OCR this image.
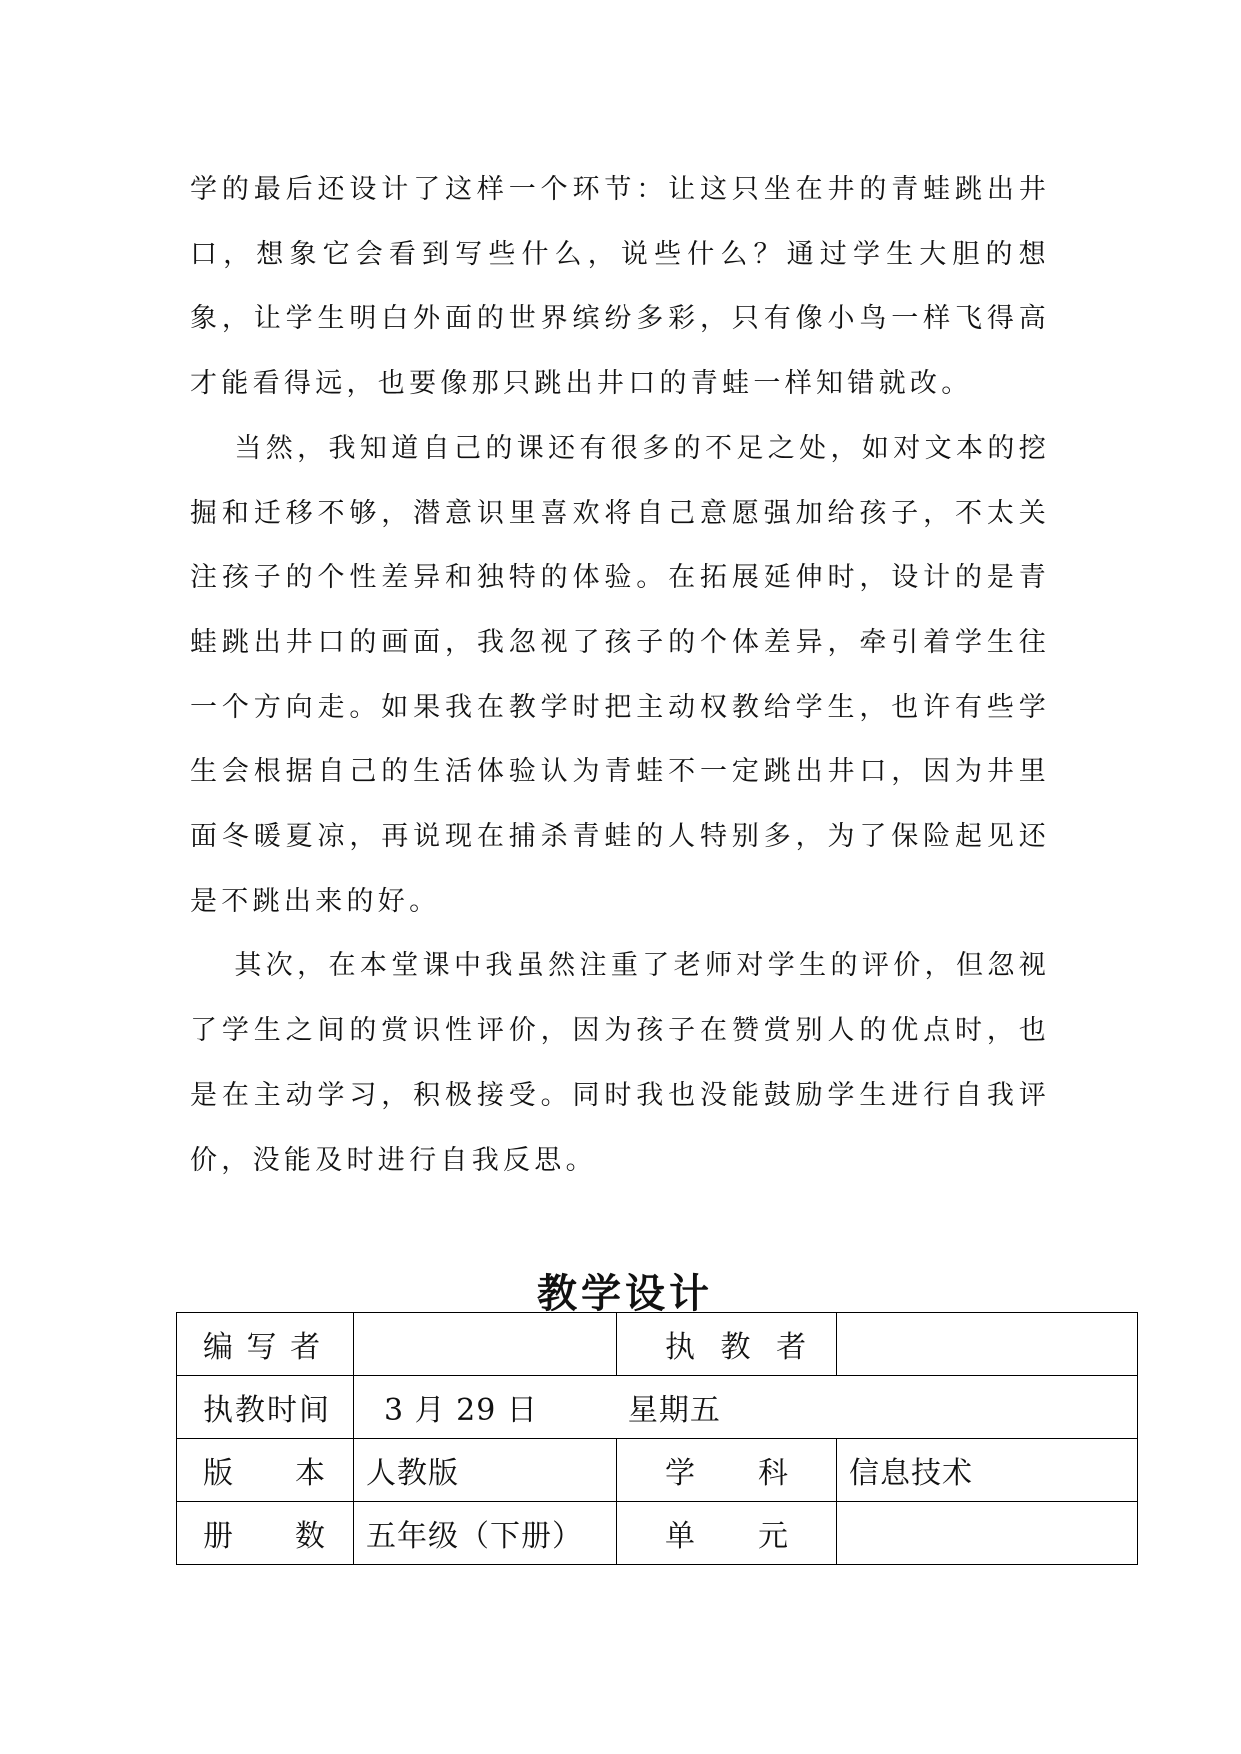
学的最后还设计了这样一个环节：让这只坐在井的青蛙跳出井口，想象它会看到写些什么，说些什么？通过学生大胆的想象，让学生明白外面的世界缤纷多彩，只有像小鸟一样飞得高才能看得远，也要像那只跳出井口的青蛙一样知错就改。

　 当然，我知道自己的课还有很多的不足之处，如对文本的挖掘和迁移不够，潜意识里喜欢将自己意愿强加给孩子，不太关注孩子的个性差异和独特的体验。在拓展延伸时，设计的是青蛙跳出井口的画面，我忽视了孩子的个体差异，牵引着学生往一个方向走。如果我在教学时把主动权教给学生，也许有些学生会根据自己的生活体验认为青蛙不一定跳出井口，因为井里面冬暖夏凉，再说现在捕杀青蛙的人特别多，为了保险起见还是不跳出来的好。

　 其次，在本堂课中我虽然注重了老师对学生的评价，但忽视了学生之间的赏识性评价，因为孩子在赞赏别人的优点时，也是在主动学习，积极接受。同时我也没能鼓励学生进行自我评价，没能及时进行自我反思。

教学设计
编 写 者		执 教 者	
执教时间	3 月 29 日 星期五		

版 本	人教版	学 科	信息技术

册 数	五年级（下册）	单 元	
